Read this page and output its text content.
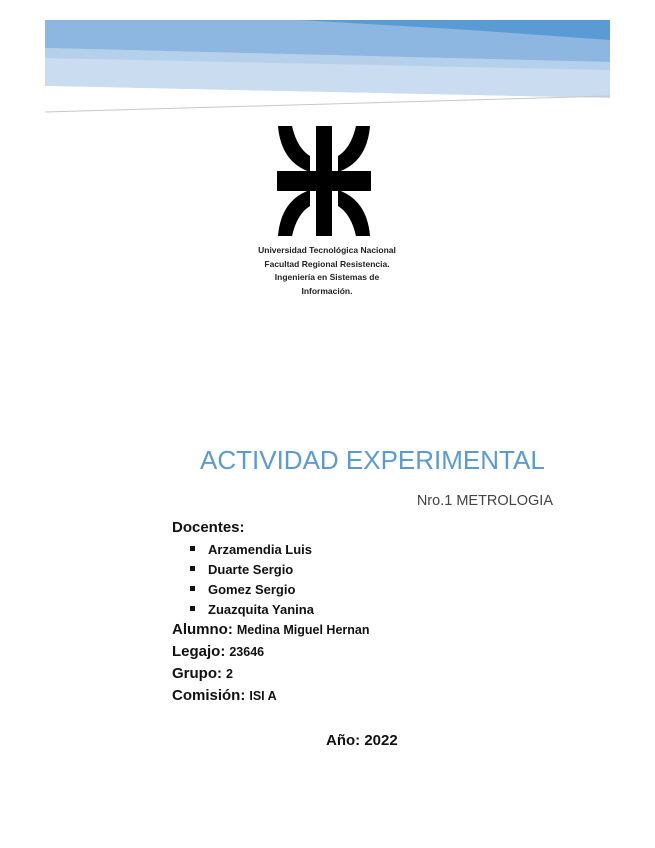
Universidad Tecnológica Nacional
Facultad Regional Resistencia.
Ingeniería en Sistemas de
Información.
ACTIVIDAD EXPERIMENTAL
Nro.1 METROLOGIA
Docentes:
Arzamendia Luis
Duarte Sergio
Gomez Sergio
Zuazquita Yanina
Alumno: Medina Miguel Hernan
Legajo: 23646
Grupo: 2
Comisión: ISI A
Año: 2022
